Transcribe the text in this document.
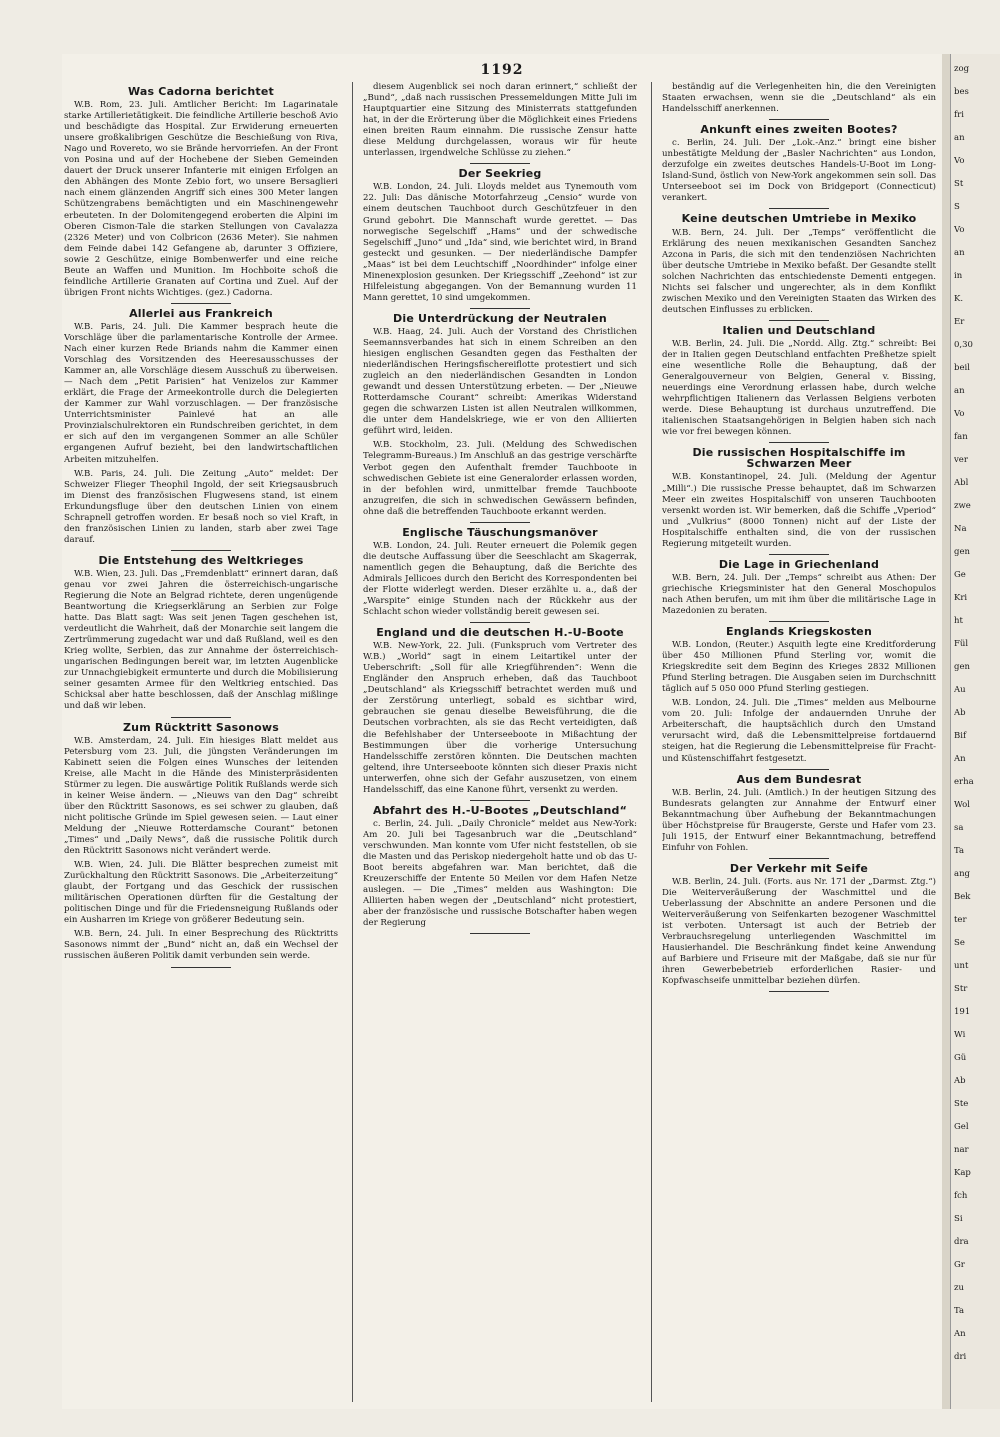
1192
Was Cadorna berichtet

W.B. Rom, 23. Juli. Amtlicher Bericht: Im Lagarinatale starke Artillerietätigkeit. Die feindliche Artillerie beschoß Avio und beschädigte das Hospital. Zur Erwiderung erneuerten unsere großkalibrigen Geschütze die Beschießung von Riva, Nago und Rovereto, wo sie Brände hervorriefen. An der Front von Posina und auf der Hochebene der Sieben Gemeinden dauert der Druck unserer Infanterie mit einigen Erfolgen an den Abhängen des Monte Zebio fort, wo unsere Bersaglieri nach einem glänzenden Angriff sich eines 300 Meter langen Schützengrabens bemächtigten und ein Maschinengewehr erbeuteten. In der Dolomitengegend eroberten die Alpini im Oberen Cismon-Tale die starken Stellungen von Cavalazza (2326 Meter) und von Colbricon (2636 Meter). Sie nahmen dem Feinde dabei 142 Gefangene ab, darunter 3 Offiziere, sowie 2 Geschütze, einige Bombenwerfer und eine reiche Beute an Waffen und Munition. Im Hochboite schoß die feindliche Artillerie Granaten auf Cortina und Zuel. Auf der übrigen Front nichts Wichtiges. (gez.) Cadorna.

Allerlei aus Frankreich

W.B. Paris, 24. Juli. Die Kammer besprach heute die Vorschläge über die parlamentarische Kontrolle der Armee. Nach einer kurzen Rede Briands nahm die Kammer einen Vorschlag des Vorsitzenden des Heeresausschusses der Kammer an, alle Vorschläge diesem Ausschuß zu überweisen. — Nach dem „Petit Parisien“ hat Venizelos zur Kammer erklärt, die Frage der Armeekontrolle durch die Delegierten der Kammer zur Wahl vorzuschlagen. — Der französische Unterrichtsminister Painlevé hat an alle Provinzialschulrektoren ein Rundschreiben gerichtet, in dem er sich auf den im vergangenen Sommer an alle Schüler ergangenen Aufruf bezieht, bei den landwirtschaftlichen Arbeiten mitzuhelfen.

W.B. Paris, 24. Juli. Die Zeitung „Auto“ meldet: Der Schweizer Flieger Theophil Ingold, der seit Kriegsausbruch im Dienst des französischen Flugwesens stand, ist einem Erkundungsfluge über den deutschen Linien von einem Schrapnell getroffen worden. Er besaß noch so viel Kraft, in den französischen Linien zu landen, starb aber zwei Tage darauf.

Die Entstehung des Weltkrieges

W.B. Wien, 23. Juli. Das „Fremdenblatt“ erinnert daran, daß genau vor zwei Jahren die österreichisch-ungarische Regierung die Note an Belgrad richtete, deren ungenügende Beantwortung die Kriegserklärung an Serbien zur Folge hatte. Das Blatt sagt: Was seit jenen Tagen geschehen ist, verdeutlicht die Wahrheit, daß der Monarchie seit langem die Zertrümmerung zugedacht war und daß Rußland, weil es den Krieg wollte, Serbien, das zur Annahme der österreichisch-ungarischen Bedingungen bereit war, im letzten Augenblicke zur Unnachgiebigkeit ermunterte und durch die Mobilisierung seiner gesamten Armee für den Weltkrieg entschied. Das Schicksal aber hatte beschlossen, daß der Anschlag mißlinge und daß wir leben.

Zum Rücktritt Sasonows

W.B. Amsterdam, 24. Juli. Ein hiesiges Blatt meldet aus Petersburg vom 23. Juli, die jüngsten Veränderungen im Kabinett seien die Folgen eines Wunsches der leitenden Kreise, alle Macht in die Hände des Ministerpräsidenten Stürmer zu legen. Die auswärtige Politik Rußlands werde sich in keiner Weise ändern. — „Nieuws van den Dag“ schreibt über den Rücktritt Sasonows, es sei schwer zu glauben, daß nicht politische Gründe im Spiel gewesen seien. — Laut einer Meldung der „Nieuwe Rotterdamsche Courant“ betonen „Times“ und „Daily News“, daß die russische Politik durch den Rücktritt Sasonows nicht verändert werde.

W.B. Wien, 24. Juli. Die Blätter besprechen zumeist mit Zurückhaltung den Rücktritt Sasonows. Die „Arbeiterzeitung“ glaubt, der Fortgang und das Geschick der russischen militärischen Operationen dürften für die Gestaltung der politischen Dinge und für die Friedensneigung Rußlands oder ein Ausharren im Kriege von größerer Bedeutung sein.

W.B. Bern, 24. Juli. In einer Besprechung des Rücktritts Sasonows nimmt der „Bund“ nicht an, daß ein Wechsel der russischen äußeren Politik damit verbunden sein werde.

diesem Augenblick sei noch daran erinnert,“ schließt der „Bund“, „daß nach russischen Pressemeldungen Mitte Juli im Hauptquartier eine Sitzung des Ministerrats stattgefunden hat, in der die Erörterung über die Möglichkeit eines Friedens einen breiten Raum einnahm. Die russische Zensur hatte diese Meldung durchgelassen, woraus wir für heute unterlassen, irgendwelche Schlüsse zu ziehen.“

Der Seekrieg

W.B. London, 24. Juli. Lloyds meldet aus Tynemouth vom 22. Juli: Das dänische Motorfahrzeug „Censio“ wurde von einem deutschen Tauchboot durch Geschützfeuer in den Grund gebohrt. Die Mannschaft wurde gerettet. — Das norwegische Segelschiff „Hams“ und der schwedische Segelschiff „Juno“ und „Ida“ sind, wie berichtet wird, in Brand gesteckt und gesunken. — Der niederländische Dampfer „Maas“ ist bei dem Leuchtschiff „Noordhinder“ infolge einer Minenexplosion gesunken. Der Kriegsschiff „Zeehond“ ist zur Hilfeleistung abgegangen. Von der Bemannung wurden 11 Mann gerettet, 10 sind umgekommen.

Die Unterdrückung der Neutralen

W.B. Haag, 24. Juli. Auch der Vorstand des Christlichen Seemannsverbandes hat sich in einem Schreiben an den hiesigen englischen Gesandten gegen das Festhalten der niederländischen Heringsfischereiflotte protestiert und sich zugleich an den niederländischen Gesandten in London gewandt und dessen Unterstützung erbeten. — Der „Nieuwe Rotterdamsche Courant“ schreibt: Amerikas Widerstand gegen die schwarzen Listen ist allen Neutralen willkommen, die unter dem Handelskriege, wie er von den Alliierten geführt wird, leiden.

W.B. Stockholm, 23. Juli. (Meldung des Schwedischen Telegramm-Bureaus.) Im Anschluß an das gestrige verschärfte Verbot gegen den Aufenthalt fremder Tauchboote in schwedischen Gebiete ist eine Generalorder erlassen worden, in der befohlen wird, unmittelbar fremde Tauchboote anzugreifen, die sich in schwedischen Gewässern befinden, ohne daß die betreffenden Tauchboote erkannt werden.

Englische Täuschungsmanöver

W.B. London, 24. Juli. Reuter erneuert die Polemik gegen die deutsche Auffassung über die Seeschlacht am Skagerrak, namentlich gegen die Behauptung, daß die Berichte des Admirals Jellicoes durch den Bericht des Korrespondenten bei der Flotte widerlegt werden. Dieser erzählte u. a., daß der „Warspite“ einige Stunden nach der Rückkehr aus der Schlacht schon wieder vollständig bereit gewesen sei.

England und die deutschen H.-U-Boote

W.B. New-York, 22. Juli. (Funkspruch vom Vertreter des W.B.) „World“ sagt in einem Leitartikel unter der Ueberschrift: „Soll für alle Kriegführenden“: Wenn die Engländer den Anspruch erheben, daß das Tauchboot „Deutschland“ als Kriegsschiff betrachtet werden muß und der Zerstörung unterliegt, sobald es sichtbar wird, gebrauchen sie genau dieselbe Beweisführung, die die Deutschen vorbrachten, als sie das Recht verteidigten, daß die Befehlshaber der Unterseeboote in Mißachtung der Bestimmungen über die vorherige Untersuchung Handelsschiffe zerstören könnten. Die Deutschen machten geltend, ihre Unterseeboote könnten sich dieser Praxis nicht unterwerfen, ohne sich der Gefahr auszusetzen, von einem Handelsschiff, das eine Kanone führt, versenkt zu werden.

Abfahrt des H.-U-Bootes „Deutschland“

c. Berlin, 24. Juli. „Daily Chronicle“ meldet aus New-York: Am 20. Juli bei Tagesanbruch war die „Deutschland“ verschwunden. Man konnte vom Ufer nicht feststellen, ob sie die Masten und das Periskop niedergeholt hatte und ob das U-Boot bereits abgefahren war. Man berichtet, daß die Kreuzerschiffe der Entente 50 Meilen vor dem Hafen Netze auslegen. — Die „Times“ melden aus Washington: Die Alliierten haben wegen der „Deutschland“ nicht protestiert, aber der französische und russische Botschafter haben wegen der Regierung

beständig auf die Verlegenheiten hin, die den Vereinigten Staaten erwachsen, wenn sie die „Deutschland“ als ein Handelsschiff anerkennen.

Ankunft eines zweiten Bootes?

c. Berlin, 24. Juli. Der „Lok.-Anz.“ bringt eine bisher unbestätigte Meldung der „Basler Nachrichten“ aus London, derzufolge ein zweites deutsches Handels-U-Boot im Long-Island-Sund, östlich von New-York angekommen sein soll. Das Unterseeboot sei im Dock von Bridgeport (Connecticut) verankert.

Keine deutschen Umtriebe in Mexiko

W.B. Bern, 24. Juli. Der „Temps“ veröffentlicht die Erklärung des neuen mexikanischen Gesandten Sanchez Azcona in Paris, die sich mit den tendenziösen Nachrichten über deutsche Umtriebe in Mexiko befaßt. Der Gesandte stellt solchen Nachrichten das entschiedenste Dementi entgegen. Nichts sei falscher und ungerechter, als in dem Konflikt zwischen Mexiko und den Vereinigten Staaten das Wirken des deutschen Einflusses zu erblicken.

Italien und Deutschland

W.B. Berlin, 24. Juli. Die „Nordd. Allg. Ztg.“ schreibt: Bei der in Italien gegen Deutschland entfachten Preßhetze spielt eine wesentliche Rolle die Behauptung, daß der Generalgouverneur von Belgien, General v. Bissing, neuerdings eine Verordnung erlassen habe, durch welche wehrpflichtigen Italienern das Verlassen Belgiens verboten werde. Diese Behauptung ist durchaus unzutreffend. Die italienischen Staatsangehörigen in Belgien haben sich nach wie vor frei bewegen können.

Die russischen Hospitalschiffe im Schwarzen Meer

W.B. Konstantinopel, 24. Juli. (Meldung der Agentur „Milli“.) Die russische Presse behauptet, daß im Schwarzen Meer ein zweites Hospitalschiff von unseren Tauchbooten versenkt worden ist. Wir bemerken, daß die Schiffe „Vperiod“ und „Vulkrius“ (8000 Tonnen) nicht auf der Liste der Hospitalschiffe enthalten sind, die von der russischen Regierung mitgeteilt wurden.

Die Lage in Griechenland

W.B. Bern, 24. Juli. Der „Temps“ schreibt aus Athen: Der griechische Kriegsminister hat den General Moschopulos nach Athen berufen, um mit ihm über die militärische Lage in Mazedonien zu beraten.

Englands Kriegskosten

W.B. London, (Reuter.) Asquith legte eine Kreditforderung über 450 Millionen Pfund Sterling vor, womit die Kriegskredite seit dem Beginn des Krieges 2832 Millionen Pfund Sterling betragen. Die Ausgaben seien im Durchschnitt täglich auf 5 050 000 Pfund Sterling gestiegen.

W.B. London, 24. Juli. Die „Times“ melden aus Melbourne vom 20. Juli: Infolge der andauernden Unruhe der Arbeiterschaft, die hauptsächlich durch den Umstand verursacht wird, daß die Lebensmittelpreise fortdauernd steigen, hat die Regierung die Lebensmittelpreise für Fracht- und Küstenschiffahrt festgesetzt.

Aus dem Bundesrat

W.B. Berlin, 24. Juli. (Amtlich.) In der heutigen Sitzung des Bundesrats gelangten zur Annahme der Entwurf einer Bekanntmachung über Aufhebung der Bekanntmachungen über Höchstpreise für Braugerste, Gerste und Hafer vom 23. Juli 1915, der Entwurf einer Bekanntmachung, betreffend Einfuhr von Fohlen.

Der Verkehr mit Seife

W.B. Berlin, 24. Juli. (Forts. aus Nr. 171 der „Darmst. Ztg.“) Die Weiterveräußerung der Waschmittel und die Ueberlassung der Abschnitte an andere Personen und die Weiterveräußerung von Seifenkarten bezogener Waschmittel ist verboten. Untersagt ist auch der Betrieb der Verbrauchsregelung unterliegenden Waschmittel im Hausierhandel. Die Beschränkung findet keine Anwendung auf Barbiere und Friseure mit der Maßgabe, daß sie nur für ihren Gewerbebetrieb erforderlichen Rasier- und Kopfwaschseife unmittelbar beziehen dürfen.

zog
bes
fri
an
Vo
St
S
Vo
an
in
K.
Er
0,30
beil
an
Vo
fan
ver
Abl
zwe
Na
gen
Ge
Kri
ht
Fül
gen
Au
Ab
Bif
An
erha
Wol
sa
Ta
ang
Bek
ter
Se
unt
Str
191
Wi
Gü
Ab
Ste
Gel
nar
Kap
fch
Si
dra
Gr
zu
Ta
An
dri
